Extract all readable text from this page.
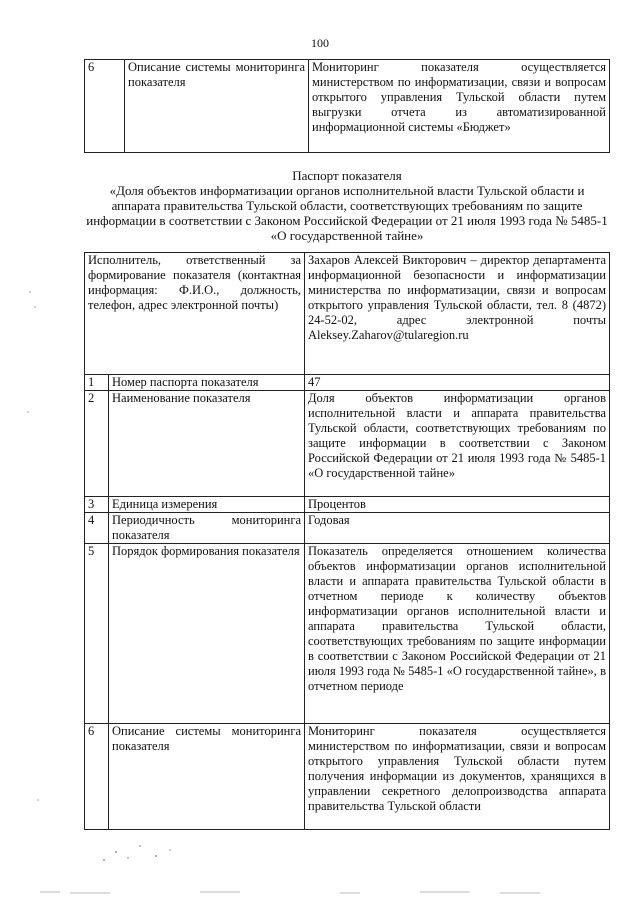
100
6	Описание системы мониторинга показателя	Мониторинг показателя осуществляется министерством по информатизации, связи и вопросам открытого управления Тульской области путем выгрузки отчета из автоматизированной информационной системы «Бюджет»
Паспорт показателя
«Доля объектов информатизации органов исполнительной власти Тульской области и аппарата правительства Тульской области, соответствующих требованиям по защите информации в соответствии с Законом Российской Федерации от 21 июля 1993 года № 5485-1 «О государственной тайне»
Исполнитель, ответственный за формирование показателя (контактная информация: Ф.И.О., должность, телефон, адрес электронной почты)		Захаров Алексей Викторович – директор департамента информационной безопасности и информатизации министерства по информатизации, связи и вопросам открытого управления Тульской области, тел. 8 (4872) 24-52-02, адрес электронной почты Aleksey.Zaharov@tularegion.ru
1	Номер паспорта показателя	47
2	Наименование показателя	Доля объектов информатизации органов исполнительной власти и аппарата правительства Тульской области, соответствующих требованиям по защите информации в соответствии с Законом Российской Федерации от 21 июля 1993 года № 5485-1 «О государственной тайне»
3	Единица измерения	Процентов
4	Периодичность мониторинга показателя	Годовая
5	Порядок формирования показателя	Показатель определяется отношением количества объектов информатизации органов исполнительной власти и аппарата правительства Тульской области в отчетном периоде к количеству объектов информатизации органов исполнительной власти и аппарата правительства Тульской области, соответствующих требованиям по защите информации в соответствии с Законом Российской Федерации от 21 июля 1993 года № 5485-1 «О государственной тайне», в отчетном периоде
6	Описание системы мониторинга показателя	Мониторинг показателя осуществляется министерством по информатизации, связи и вопросам открытого управления Тульской области путем получения информации из документов, хранящихся в управлении секретного делопроизводства аппарата правительства Тульской области
